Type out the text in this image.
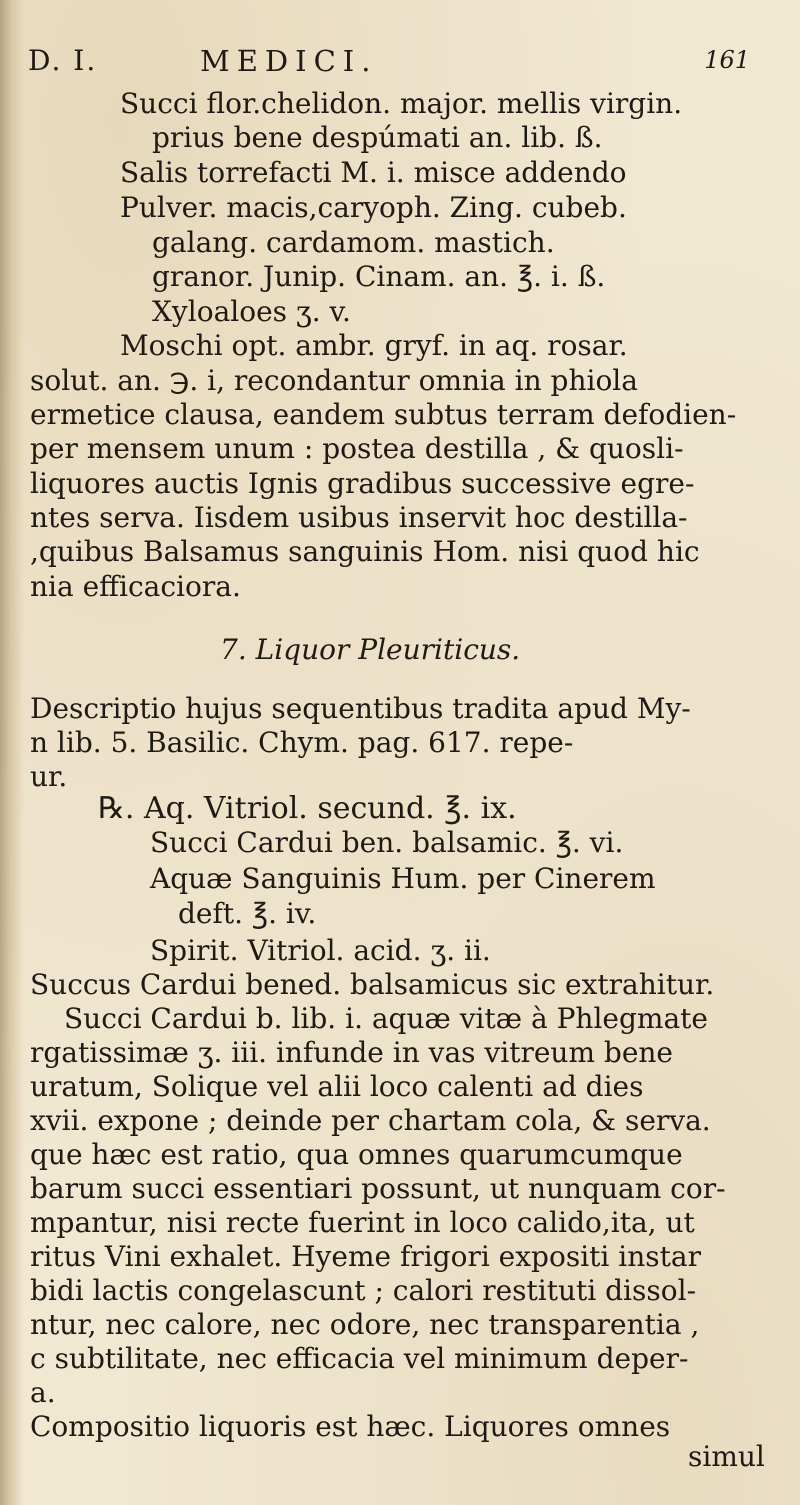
D. I.	MEDICI.	161
Succi flor.chelidon. major. mellis virgin.
prius bene despúmati an. lib. ß.
Salis torrefacti M. i. misce addendo
Pulver. macis,caryoph. Zing. cubeb.
galang. cardamom. mastich.
granor. Junip. Cinam. an. ℥. i. ß.
Xyloaloes ʒ. v.
Moschi opt. ambr. gryf. in aq. rosar.
solut. an. ℈. i, recondantur omnia in phiola
ermetice clausa, eandem subtus terram defodien-
per mensem unum : postea destilla , & quosli-
liquores auctis Ignis gradibus successive egre-
ntes serva. Iisdem usibus inservit hoc destilla-
,quibus Balsamus sanguinis Hom. nisi quod hic
nia efficaciora.
7. Liquor Pleuriticus.
Descriptio hujus sequentibus tradita apud My-
n lib. 5. Basilic. Chym. pag. 617. repe-
ur.
℞. Aq. Vitriol. secund. ℥. ix.
Succi Cardui ben. balsamic. ℥. vi.
Aquæ Sanguinis Hum. per Cinerem
deft. ℥. iv.
Spirit. Vitriol. acid. ʒ. ii.
Succus Cardui bened. balsamicus sic extrahitur.
Succi Cardui b. lib. i. aquæ vitæ à Phlegmate
rgatissimæ ʒ. iii. infunde in vas vitreum bene
uratum, Solique vel alii loco calenti ad dies
xvii. expone ; deinde per chartam cola, & serva.
que hæc est ratio, qua omnes quarumcumque
barum succi essentiari possunt, ut nunquam cor-
mpantur, nisi recte fuerint in loco calido,ita, ut
ritus Vini exhalet. Hyeme frigori expositi instar
bidi lactis congelascunt ; calori restituti dissol-
ntur, nec calore, nec odore, nec transparentia ,
c subtilitate, nec efficacia vel minimum deper-
a.
Compositio liquoris est hæc. Liquores omnes
simul
